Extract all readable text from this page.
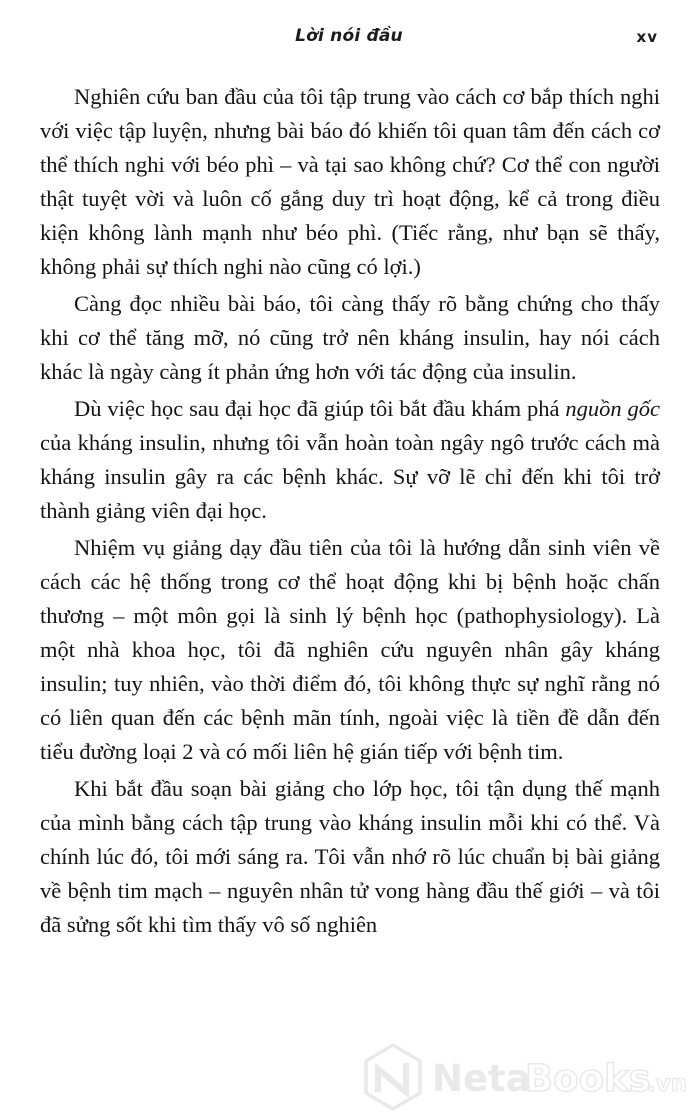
Lời nói đầu	xv

Nghiên cứu ban đầu của tôi tập trung vào cách cơ bắp thích nghi với việc tập luyện, nhưng bài báo đó khiến tôi quan tâm đến cách cơ thể thích nghi với béo phì – và tại sao không chứ? Cơ thể con người thật tuyệt vời và luôn cố gắng duy trì hoạt động, kể cả trong điều kiện không lành mạnh như béo phì. (Tiếc rằng, như bạn sẽ thấy, không phải sự thích nghi nào cũng có lợi.)

Càng đọc nhiều bài báo, tôi càng thấy rõ bằng chứng cho thấy khi cơ thể tăng mỡ, nó cũng trở nên kháng insulin, hay nói cách khác là ngày càng ít phản ứng hơn với tác động của insulin.

Dù việc học sau đại học đã giúp tôi bắt đầu khám phá nguồn gốc của kháng insulin, nhưng tôi vẫn hoàn toàn ngây ngô trước cách mà kháng insulin gây ra các bệnh khác. Sự vỡ lẽ chỉ đến khi tôi trở thành giảng viên đại học.

Nhiệm vụ giảng dạy đầu tiên của tôi là hướng dẫn sinh viên về cách các hệ thống trong cơ thể hoạt động khi bị bệnh hoặc chấn thương – một môn gọi là sinh lý bệnh học (pathophysiology). Là một nhà khoa học, tôi đã nghiên cứu nguyên nhân gây kháng insulin; tuy nhiên, vào thời điểm đó, tôi không thực sự nghĩ rằng nó có liên quan đến các bệnh mãn tính, ngoài việc là tiền đề dẫn đến tiểu đường loại 2 và có mối liên hệ gián tiếp với bệnh tim.

Khi bắt đầu soạn bài giảng cho lớp học, tôi tận dụng thế mạnh của mình bằng cách tập trung vào kháng insulin mỗi khi có thể. Và chính lúc đó, tôi mới sáng ra. Tôi vẫn nhớ rõ lúc chuẩn bị bài giảng về bệnh tim mạch – nguyên nhân tử vong hàng đầu thế giới – và tôi đã sửng sốt khi tìm thấy vô số nghiên

Neta
Books
.vn
